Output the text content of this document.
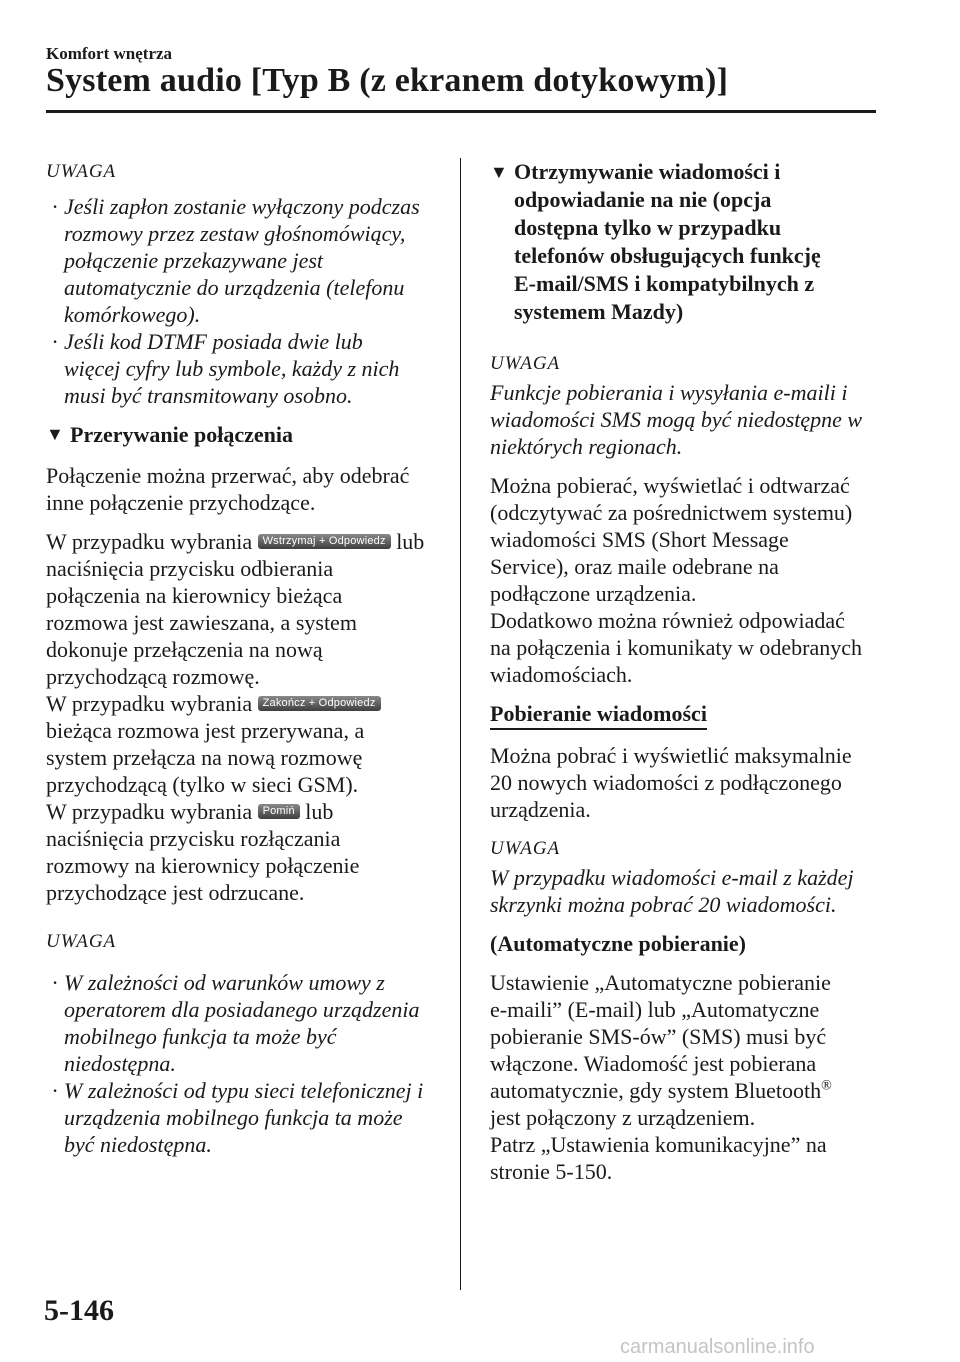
Komfort wnętrza
System audio [Typ B (z ekranem dotykowym)]
UWAGA
· Jeśli zapłon zostanie wyłączony podczas
rozmowy przez zestaw głośnomówiący,
połączenie przekazywane jest
automatycznie do urządzenia (telefonu
komórkowego).
· Jeśli kod DTMF posiada dwie lub
więcej cyfry lub symbole, każdy z nich
musi być transmitowany osobno.
▼ Przerywanie połączenia
Połączenie można przerwać, aby odebrać
inne połączenie przychodzące.
W przypadku wybrania Wstrzymaj + Odpowiedz lub
naciśnięcia przycisku odbierania
połączenia na kierownicy bieżąca
rozmowa jest zawieszana, a system
dokonuje przełączenia na nową
przychodzącą rozmowę.
W przypadku wybrania Zakończ + Odpowiedz
bieżąca rozmowa jest przerywana, a
system przełącza na nową rozmowę
przychodzącą (tylko w sieci GSM).
W przypadku wybrania Pomiń lub
naciśnięcia przycisku rozłączania
rozmowy na kierownicy połączenie
przychodzące jest odrzucane.
UWAGA
· W zależności od warunków umowy z
operatorem dla posiadanego urządzenia
mobilnego funkcja ta może być
niedostępna.
· W zależności od typu sieci telefonicznej i
urządzenia mobilnego funkcja ta może
być niedostępna.
▼ Otrzymywanie wiadomości i
odpowiadanie na nie (opcja
dostępna tylko w przypadku
telefonów obsługujących funkcję
E-mail/SMS i kompatybilnych z
systemem Mazdy)
UWAGA
Funkcje pobierania i wysyłania e-maili i
wiadomości SMS mogą być niedostępne w
niektórych regionach.
Można pobierać, wyświetlać i odtwarzać
(odczytywać za pośrednictwem systemu)
wiadomości SMS (Short Message
Service), oraz maile odebrane na
podłączone urządzenia.
Dodatkowo można również odpowiadać
na połączenia i komunikaty w odebranych
wiadomościach.
Pobieranie wiadomości
Można pobrać i wyświetlić maksymalnie
20 nowych wiadomości z podłączonego
urządzenia.
UWAGA
W przypadku wiadomości e-mail z każdej
skrzynki można pobrać 20 wiadomości.
(Automatyczne pobieranie)
Ustawienie „Automatyczne pobieranie
e-maili” (E-mail) lub „Automatyczne
pobieranie SMS-ów” (SMS) musi być
włączone. Wiadomość jest pobierana
automatycznie, gdy system Bluetooth®
jest połączony z urządzeniem.
Patrz „Ustawienia komunikacyjne” na
stronie 5-150.
5-146
carmanualsonline.info
